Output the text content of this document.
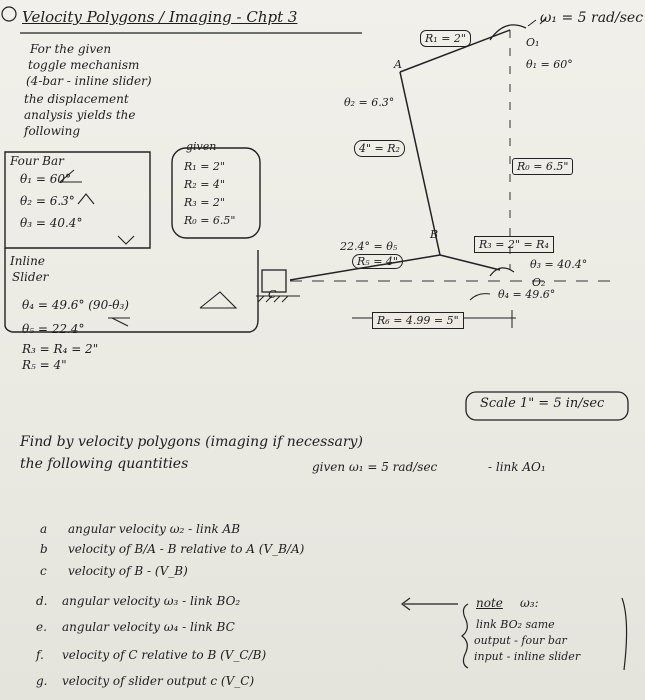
Velocity Polygons / Imaging - Chpt 3	ω₁ = 5 rad/sec
For the given
toggle mechanism
(4-bar - inline slider)
the displacement
analysis yields the
following
Four Bar
θ₁ = 60°
θ₂ = 6.3°
θ₃ = 40.4°
given
R₁ = 2"
R₂ = 4"
R₃ = 2"
R₀ = 6.5"
Inline
Slider
θ₄ = 49.6° (90-θ₃)
θ₅ = 22.4°
R₃ = R₄ = 2"
R₅ = 4"
R₁ = 2"
A
O₁
θ₁ = 60°
θ₂ = 6.3°
4" = R₂
R₀ = 6.5"
B
22.4° = θ₅	R₃ = 2" = R₄
θ₃ = 40.4°
R₅ = 4"
O₂
θ₄ = 49.6°
C
R₆ = 4.99 = 5"
Scale 1" = 5 in/sec
Find by velocity polygons (imaging if necessary)
the following quantities	given ω₁ = 5 rad/sec	- link AO₁
a angular velocity ω₂ - link AB
b velocity of B/A - B relative to A (V_B/A)
c velocity of B - (V_B)
d. angular velocity ω₃ - link BO₂
e. angular velocity ω₄ - link BC
f. velocity of C relative to B (V_C/B)
g. velocity of slider output c (V_C)
note ω₃:
link BO₂ same
output - four bar
input - inline slider
